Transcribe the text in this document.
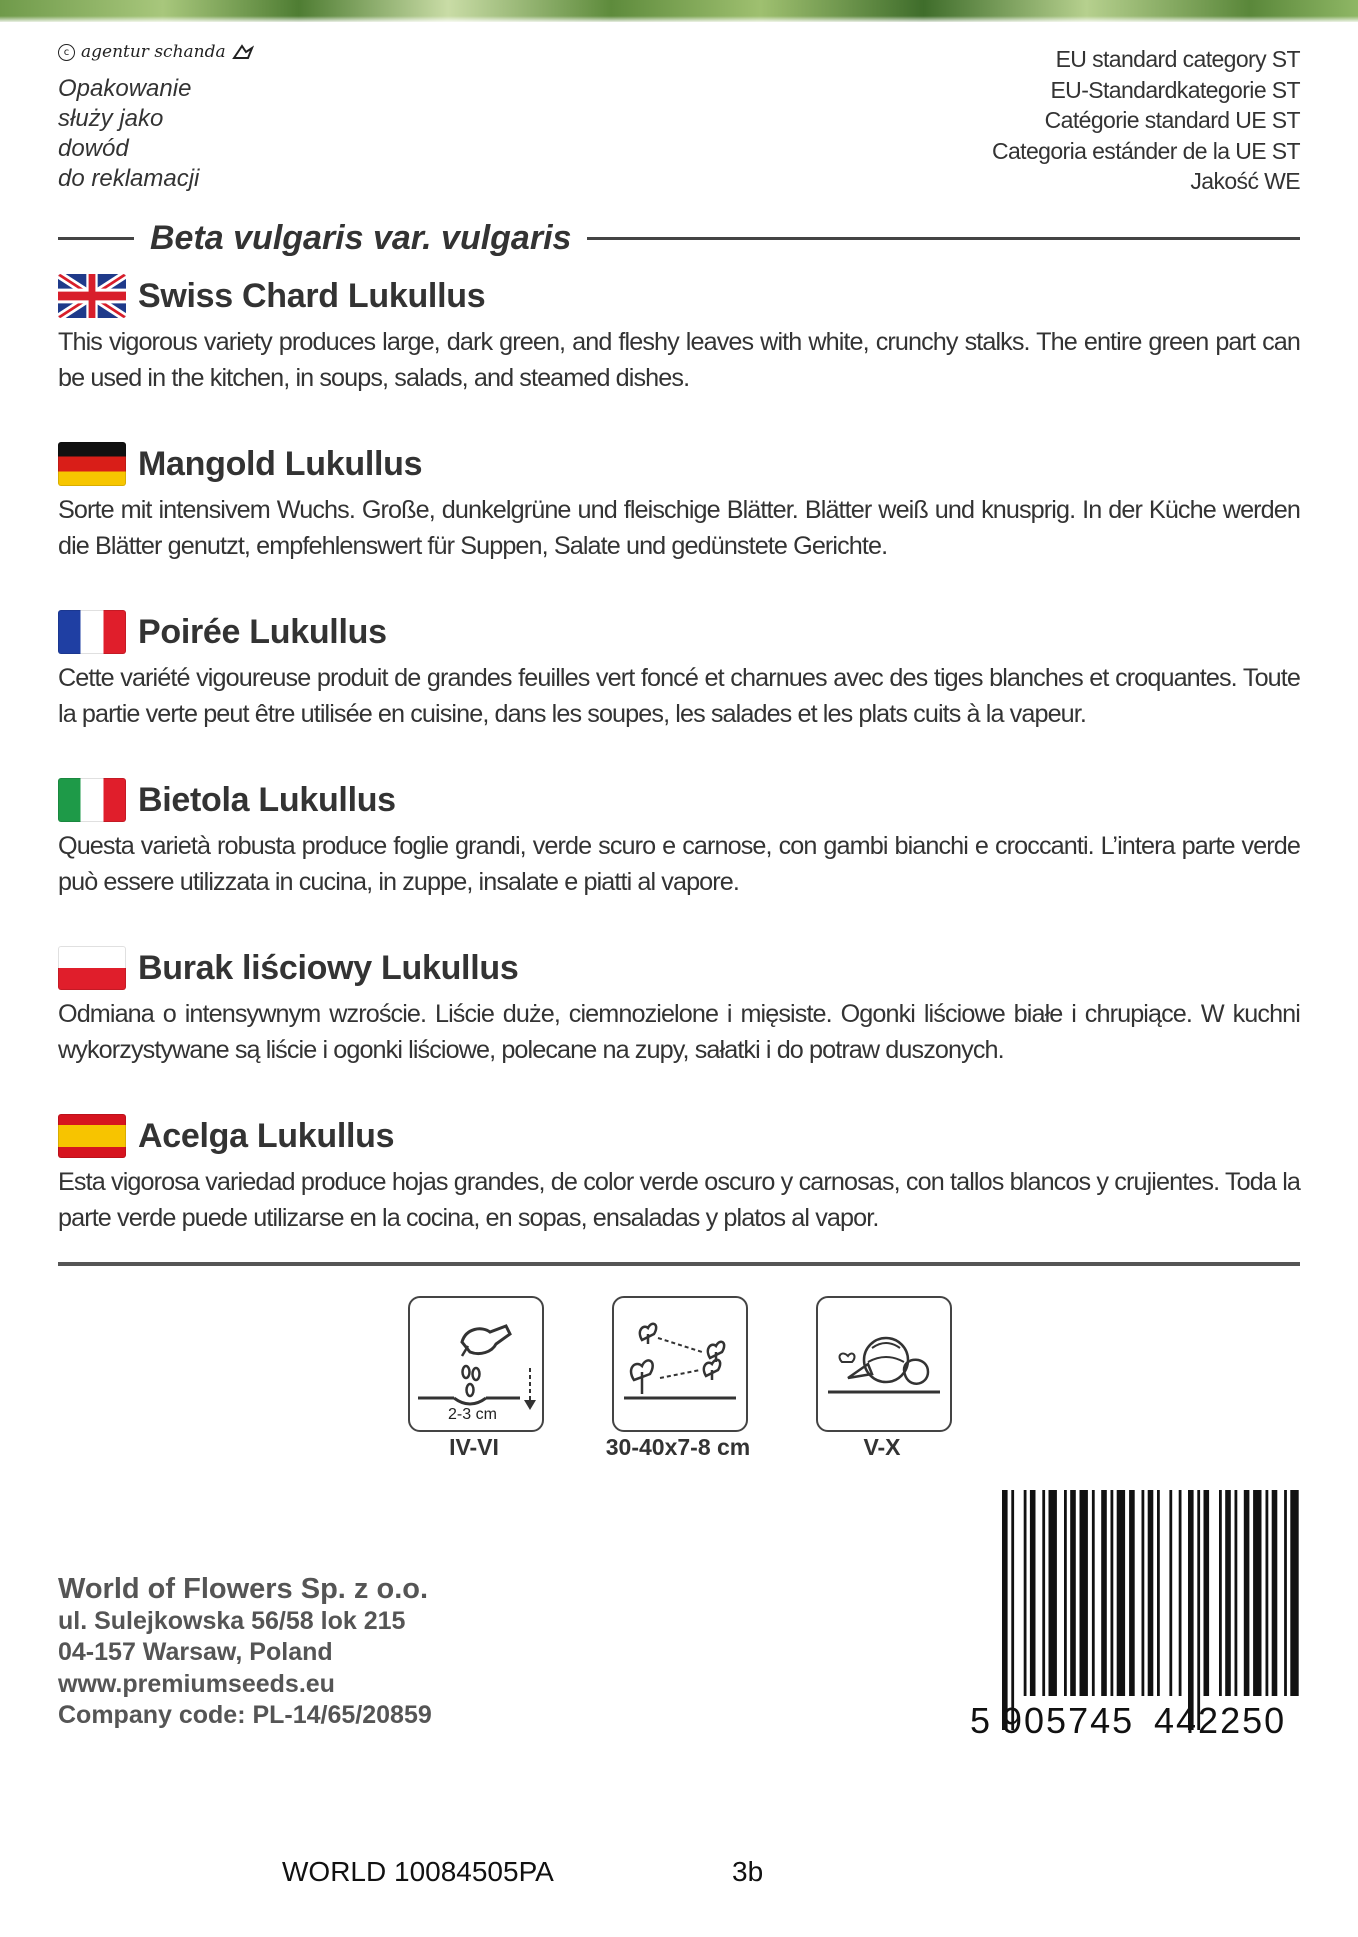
c agentur schanda
Opakowanie
służy jako
dowód
do reklamacji
EU standard category ST
EU-Standardkategorie ST
Catégorie standard UE ST
Categoria estánder de la UE ST
Jakość WE
Beta vulgaris var. vulgaris
Swiss Chard Lukullus
This vigorous variety produces large, dark green, and fleshy leaves with white, crunchy stalks. The entire green part can be used in the kitchen, in soups, salads, and steamed dishes.
Mangold Lukullus
Sorte mit intensivem Wuchs. Große, dunkelgrüne und fleischige Blätter. Blätter weiß und knusprig. In der Küche werden die Blätter genutzt, empfehlenswert für Suppen, Salate und gedünstete Gerichte.
Poirée Lukullus
Cette variété vigoureuse produit de grandes feuilles vert foncé et charnues avec des tiges blanches et croquantes. Toute la partie verte peut être utilisée en cuisine, dans les soupes, les salades et les plats cuits à la vapeur.
Bietola Lukullus
Questa varietà robusta produce foglie grandi, verde scuro e carnose, con gambi bianchi e croccanti. L’intera parte verde può essere utilizzata in cucina, in zuppe, insalate e piatti al vapore.
Burak liściowy Lukullus
Odmiana o intensywnym wzroście. Liście duże, ciemnozielone i mięsiste. Ogonki liściowe białe i chrupiące. W kuchni wykorzystywane są liście i ogonki liściowe, polecane na zupy, sałatki i do potraw duszonych.
Acelga Lukullus
Esta vigorosa variedad produce hojas grandes, de color verde oscuro y carnosas, con tallos blancos y crujientes. Toda la parte verde puede utilizarse en la cocina, en sopas, ensaladas y platos al vapor.
2-3 cm
IV-VI	30-40x7-8 cm	V-X
World of Flowers Sp. z o.o.
ul. Sulejkowska 56/58 lok 215
04-157 Warsaw, Poland
www.premiumseeds.eu
Company code: PL-14/65/20859	5 905745 442250
WORLD 10084505PA	3b
